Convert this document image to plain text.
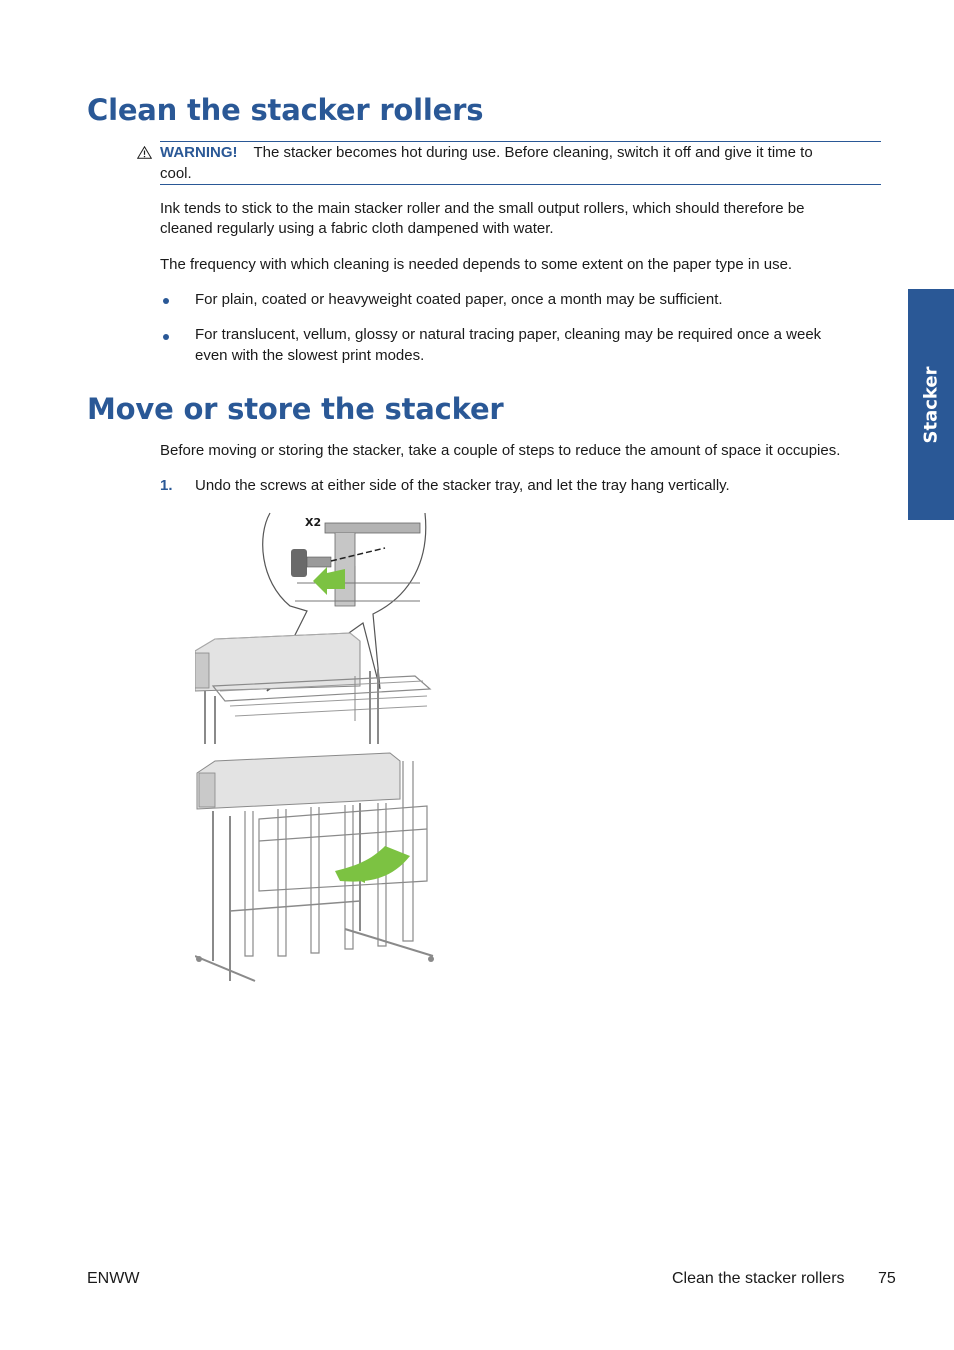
Clean the stacker rollers
WARNING! The stacker becomes hot during use. Before cleaning, switch it off and give it time to
cool.

Ink tends to stick to the main stacker roller and the small output rollers, which should therefore be

cleaned regularly using a fabric cloth dampened with water.

The frequency with which cleaning is needed depends to some extent on the paper type in use.

For plain, coated or heavyweight coated paper, once a month may be sufficient.

For translucent, vellum, glossy or natural tracing paper, cleaning may be required once a week

even with the slowest print modes.

Move or store the stacker

Before moving or storing the stacker, take a couple of steps to reduce the amount of space it occupies.

1. Undo the screws at either side of the stacker tray, and let the tray hang vertically.
X2
Stacker
ENWW	Clean the stacker rollers 75
